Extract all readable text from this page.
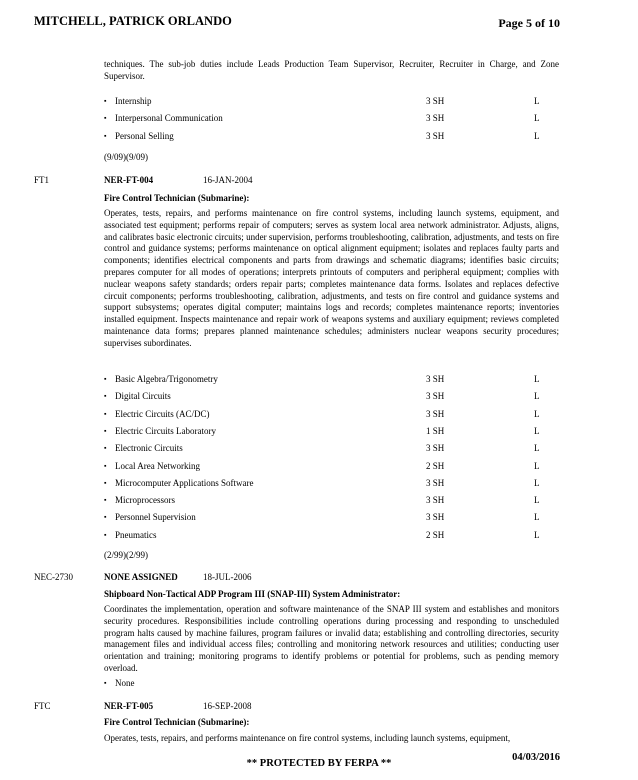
MITCHELL, PATRICK ORLANDO	Page 5 of 10
techniques. The sub-job duties include Leads Production Team Supervisor, Recruiter, Recruiter in Charge, and Zone Supervisor.
▪ Internship	3 SH	L
▪ Interpersonal Communication	3 SH	L
▪ Personal Selling	3 SH	L
(9/09)(9/09)
FT1	NER-FT-004	16-JAN-2004
Fire Control Technician (Submarine):
Operates, tests, repairs, and performs maintenance on fire control systems, including launch systems, equipment, and associated test equipment; performs repair of computers; serves as system local area network administrator. Adjusts, aligns, and calibrates basic electronic circuits; under supervision, performs troubleshooting, calibration, adjustments, and tests on fire control and guidance systems; performs maintenance on optical alignment equipment; isolates and replaces faulty parts and components; identifies electrical components and parts from drawings and schematic diagrams; identifies basic circuits; prepares computer for all modes of operations; interprets printouts of computers and peripheral equipment; complies with nuclear weapons safety standards; orders repair parts; completes maintenance data forms. Isolates and replaces defective circuit components; performs troubleshooting, calibration, adjustments, and tests on fire control and guidance systems and support subsystems; operates digital computer; maintains logs and records; completes maintenance reports; inventories installed equipment. Inspects maintenance and repair work of weapons systems and auxiliary equipment; reviews completed maintenance data forms; prepares planned maintenance schedules; administers nuclear weapons security procedures; supervises subordinates.
▪ Basic Algebra/Trigonometry	3 SH	L
▪ Digital Circuits	3 SH	L
▪ Electric Circuits (AC/DC)	3 SH	L
▪ Electric Circuits Laboratory	1 SH	L
▪ Electronic Circuits	3 SH	L
▪ Local Area Networking	2 SH	L
▪ Microcomputer Applications Software	3 SH	L
▪ Microprocessors	3 SH	L
▪ Personnel Supervision	3 SH	L
▪ Pneumatics	2 SH	L
(2/99)(2/99)
NEC-2730	NONE ASSIGNED	18-JUL-2006
Shipboard Non-Tactical ADP Program III (SNAP-III) System Administrator:
Coordinates the implementation, operation and software maintenance of the SNAP III system and establishes and monitors security procedures. Responsibilities include controlling operations during processing and responding to unscheduled program halts caused by machine failures, program failures or invalid data; establishing and controlling directories, security management files and individual access files; controlling and monitoring network resources and utilities; conducting user orientation and training; monitoring programs to identify problems or potential for problems, such as pending memory overload.
▪ None
FTC	NER-FT-005	16-SEP-2008
Fire Control Technician (Submarine):
Operates, tests, repairs, and performs maintenance on fire control systems, including launch systems, equipment,
04/03/2016
** PROTECTED BY FERPA **
